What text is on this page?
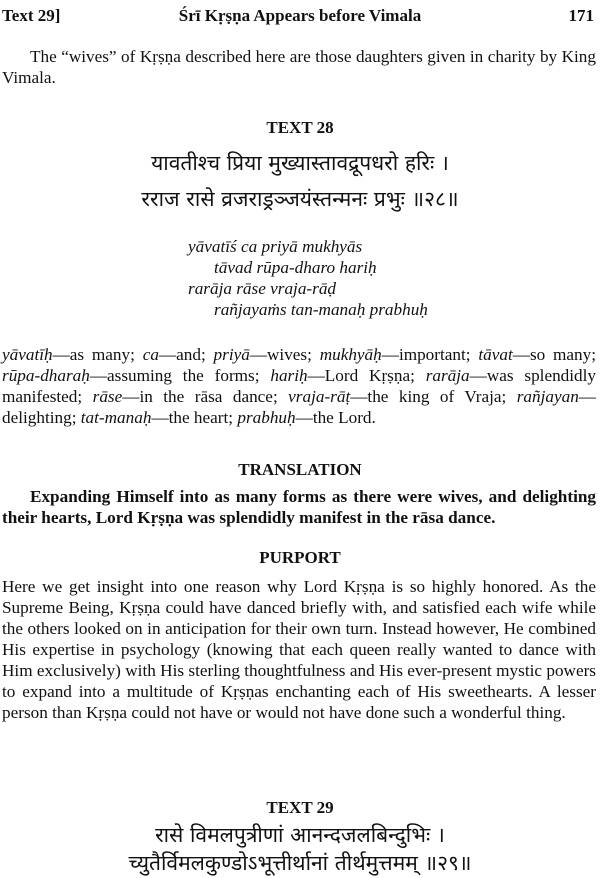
Text 29]	Śrī Kṛṣṇa Appears before Vimala	171

The “wives” of Kṛṣṇa described here are those daughters given in charity by King Vimala.

TEXT 28
यावतीश्च प्रिया मुख्यास्तावद्रूपधरो हरिः ।
रराज रासे व्रजराड्रञ्जयंस्तन्मनः प्रभुः ॥२८॥
yāvatīś ca priyā mukhyās
tāvad rūpa-dharo hariḥ
rarāja rāse vraja-rāḍ
rañjayaṁs tan-manaḥ prabhuḥ

yāvatīḥ—as many; ca—and; priyā—wives; mukhyāḥ—important; tāvat—so many; rūpa-dharaḥ—assuming the forms; hariḥ—Lord Kṛṣṇa; rarāja—was splendidly manifested; rāse—in the rāsa dance; vraja-rāṭ—the king of Vraja; rañjayan—delighting; tat-manaḥ—the heart; prabhuḥ—the Lord.

TRANSLATION

Expanding Himself into as many forms as there were wives, and delighting their hearts, Lord Kṛṣṇa was splendidly manifest in the rāsa dance.

PURPORT

Here we get insight into one reason why Lord Kṛṣṇa is so highly honored. As the Supreme Being, Kṛṣṇa could have danced briefly with, and satisfied each wife while the others looked on in anticipation for their own turn. Instead however, He combined His expertise in psychology (knowing that each queen really wanted to dance with Him exclusively) with His sterling thoughtfulness and His ever-present mystic powers to expand into a multitude of Kṛṣṇas enchanting each of His sweethearts. A lesser person than Kṛṣṇa could not have or would not have done such a wonderful thing.

TEXT 29
रासे विमलपुत्रीणां आनन्दजलबिन्दुभिः ।
च्युतैर्विमलकुण्डोऽभूत्तीर्थानां तीर्थमुत्तमम् ॥२९॥
